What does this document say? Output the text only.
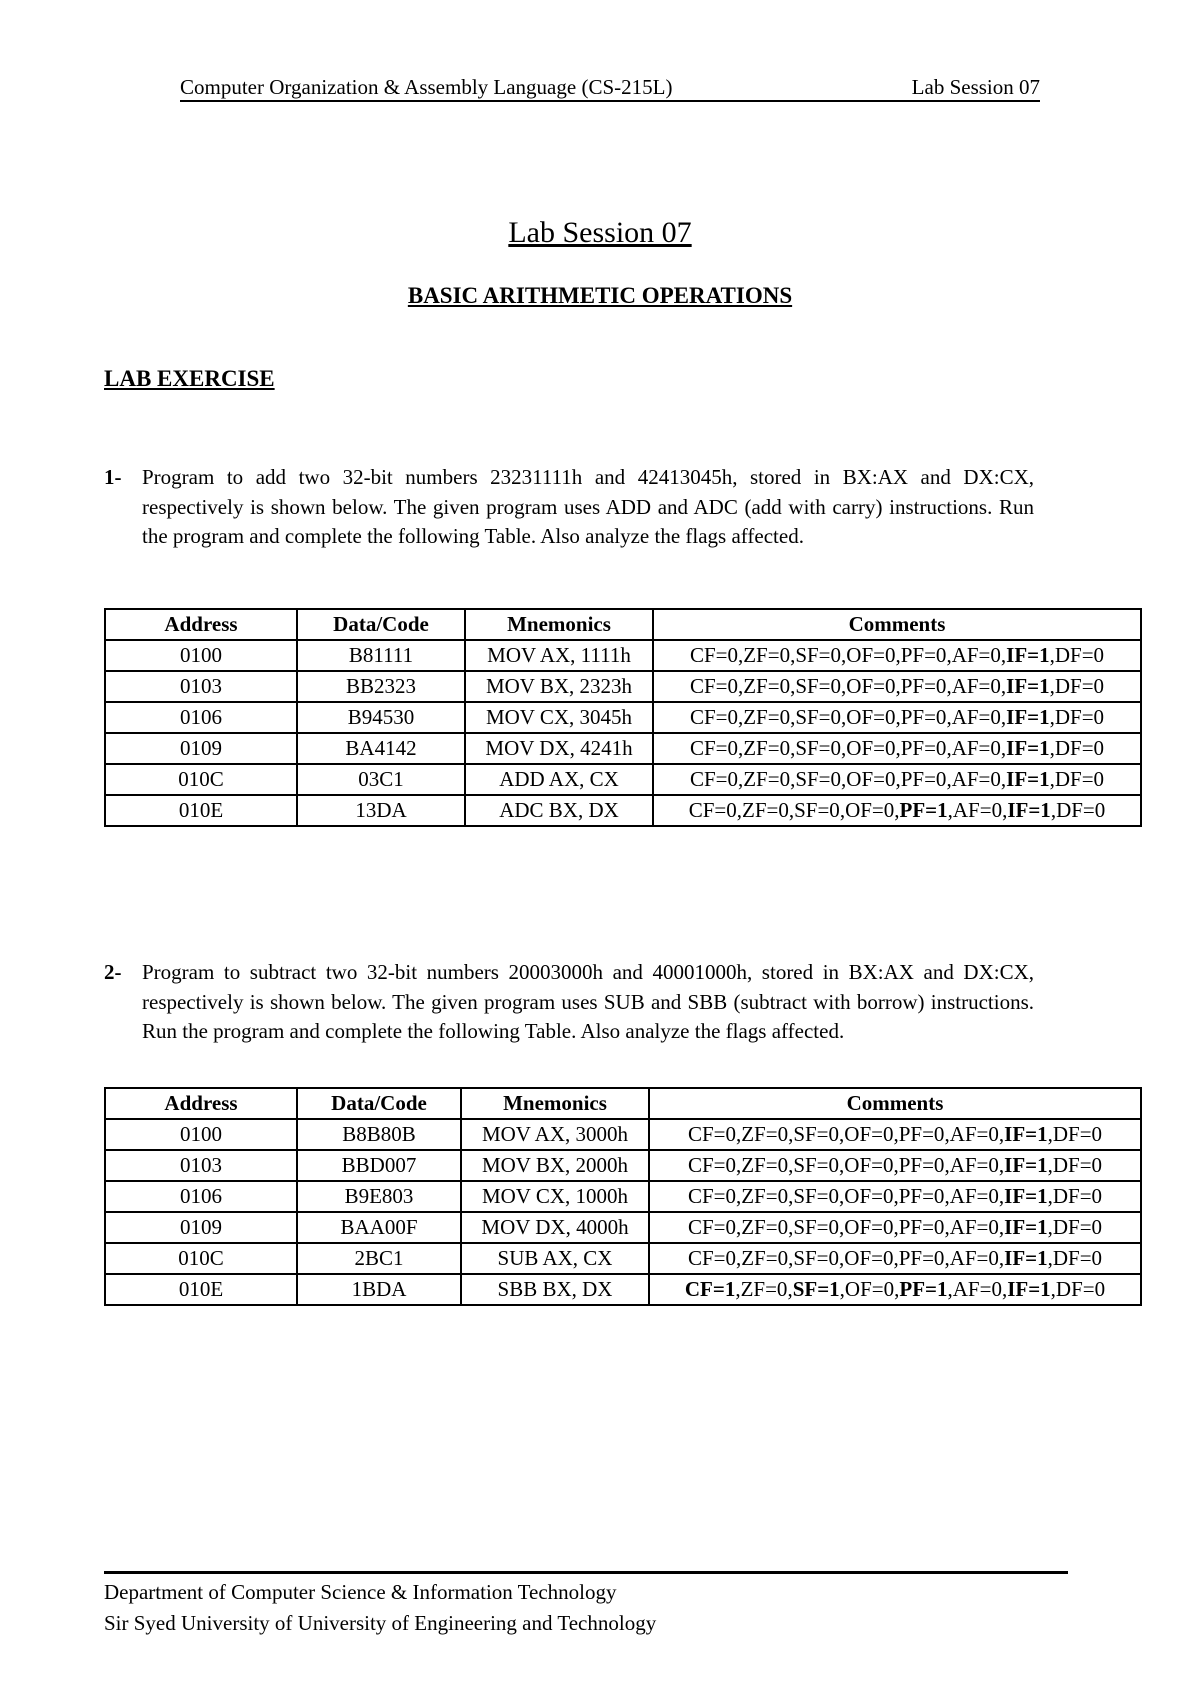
Computer Organization & Assembly Language (CS-215L)	Lab Session 07
Lab Session 07
BASIC ARITHMETIC OPERATIONS
LAB EXERCISE
1- Program to add two 32-bit numbers 23231111h and 42413045h, stored in BX:AX and DX:CX, respectively is shown below. The given program uses ADD and ADC (add with carry) instructions. Run the program and complete the following Table. Also analyze the flags affected.
Address	Data/Code	Mnemonics	Comments
0100	B81111	MOV AX, 1111h	CF=0,ZF=0,SF=0,OF=0,PF=0,AF=0,IF=1,DF=0
0103	BB2323	MOV BX, 2323h	CF=0,ZF=0,SF=0,OF=0,PF=0,AF=0,IF=1,DF=0
0106	B94530	MOV CX, 3045h	CF=0,ZF=0,SF=0,OF=0,PF=0,AF=0,IF=1,DF=0
0109	BA4142	MOV DX, 4241h	CF=0,ZF=0,SF=0,OF=0,PF=0,AF=0,IF=1,DF=0
010C	03C1	ADD AX, CX	CF=0,ZF=0,SF=0,OF=0,PF=0,AF=0,IF=1,DF=0
010E	13DA	ADC BX, DX	CF=0,ZF=0,SF=0,OF=0,PF=1,AF=0,IF=1,DF=0
2- Program to subtract two 32-bit numbers 20003000h and 40001000h, stored in BX:AX and DX:CX, respectively is shown below. The given program uses SUB and SBB (subtract with borrow) instructions. Run the program and complete the following Table. Also analyze the flags affected.
Address	Data/Code	Mnemonics	Comments
0100	B8B80B	MOV AX, 3000h	CF=0,ZF=0,SF=0,OF=0,PF=0,AF=0,IF=1,DF=0
0103	BBD007	MOV BX, 2000h	CF=0,ZF=0,SF=0,OF=0,PF=0,AF=0,IF=1,DF=0
0106	B9E803	MOV CX, 1000h	CF=0,ZF=0,SF=0,OF=0,PF=0,AF=0,IF=1,DF=0
0109	BAA00F	MOV DX, 4000h	CF=0,ZF=0,SF=0,OF=0,PF=0,AF=0,IF=1,DF=0
010C	2BC1	SUB AX, CX	CF=0,ZF=0,SF=0,OF=0,PF=0,AF=0,IF=1,DF=0
010E	1BDA	SBB BX, DX	CF=1,ZF=0,SF=1,OF=0,PF=1,AF=0,IF=1,DF=0
Department of Computer Science & Information Technology
Sir Syed University of University of Engineering and Technology
